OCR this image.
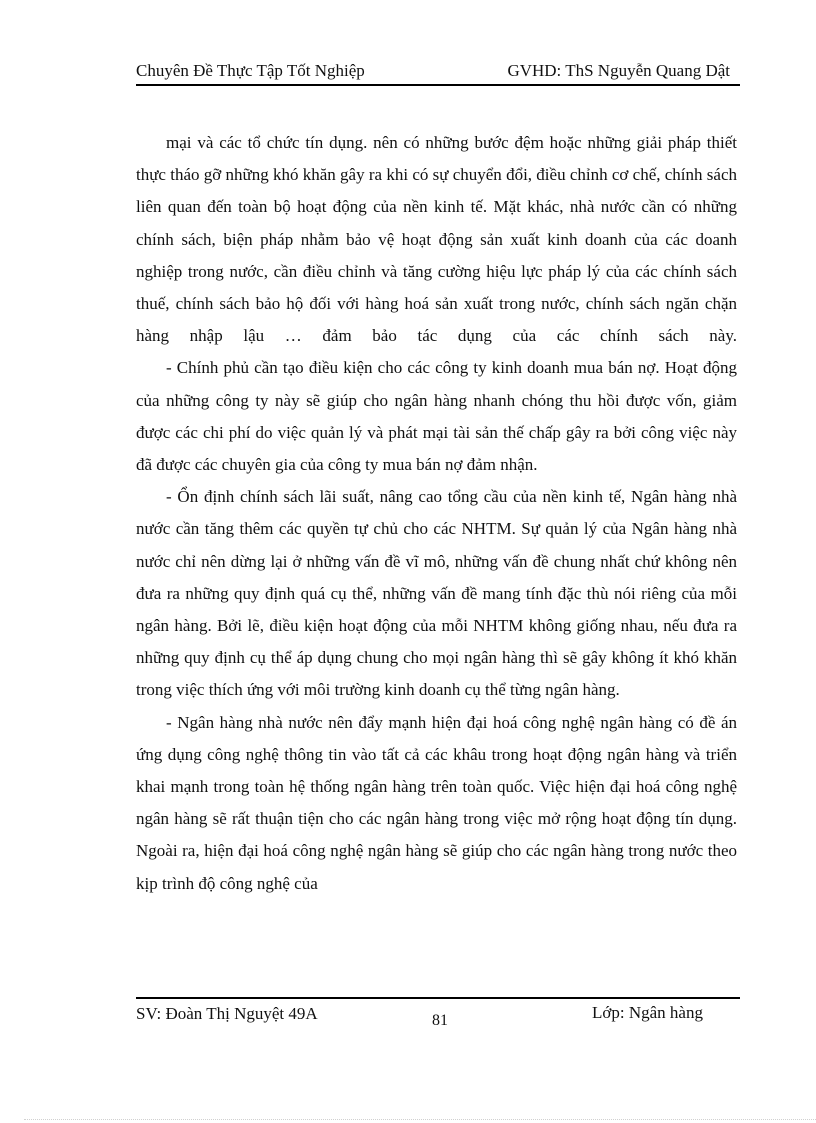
Chuyên Đề Thực Tập Tốt Nghiệp	GVHD: ThS Nguyễn Quang Dật

mại và các tổ chức tín dụng. nên có những bước đệm hoặc những giải pháp thiết thực tháo gỡ những khó khăn gây ra khi có sự chuyển đổi, điều chỉnh cơ chế, chính sách liên quan đến toàn bộ hoạt động của nền kinh tế. Mặt khác, nhà nước cần có những chính sách, biện pháp nhằm bảo vệ hoạt động sản xuất kinh doanh của các doanh nghiệp trong nước, cần điều chỉnh và tăng cường hiệu lực pháp lý của các chính sách thuế, chính sách bảo hộ đối với hàng hoá sản xuất trong nước, chính sách ngăn chặn hàng nhập lậu … đảm bảo tác dụng của các chính sách này.

- Chính phủ cần tạo điều kiện cho các công ty kinh doanh mua bán nợ. Hoạt động của những công ty này sẽ giúp cho ngân hàng nhanh chóng thu hồi được vốn, giảm được các chi phí do việc quản lý và phát mại tài sản thế chấp gây ra bởi công việc này đã được các chuyên gia của công ty mua bán nợ đảm nhận.

- Ổn định chính sách lãi suất, nâng cao tổng cầu của nền kinh tế, Ngân hàng nhà nước cần tăng thêm các quyền tự chủ cho các NHTM. Sự quản lý của Ngân hàng nhà nước chỉ nên dừng lại ở những vấn đề vĩ mô, những vấn đề chung nhất chứ không nên đưa ra những quy định quá cụ thể, những vấn đề mang tính đặc thù nói riêng của mỗi ngân hàng. Bởi lẽ, điều kiện hoạt động của mỗi NHTM không giống nhau, nếu đưa ra những quy định cụ thể áp dụng chung cho mọi ngân hàng thì sẽ gây không ít khó khăn trong việc thích ứng với môi trường kinh doanh cụ thể từng ngân hàng.

- Ngân hàng nhà nước nên đẩy mạnh hiện đại hoá công nghệ ngân hàng có đề án ứng dụng công nghệ thông tin vào tất cả các khâu trong hoạt động ngân hàng và triển khai mạnh trong toàn hệ thống ngân hàng trên toàn quốc. Việc hiện đại hoá công nghệ ngân hàng sẽ rất thuận tiện cho các ngân hàng trong việc mở rộng hoạt động tín dụng. Ngoài ra, hiện đại hoá công nghệ ngân hàng sẽ giúp cho các ngân hàng trong nước theo kịp trình độ công nghệ của

SV: Đoàn Thị Nguyệt 49A	81	Lớp: Ngân hàng
